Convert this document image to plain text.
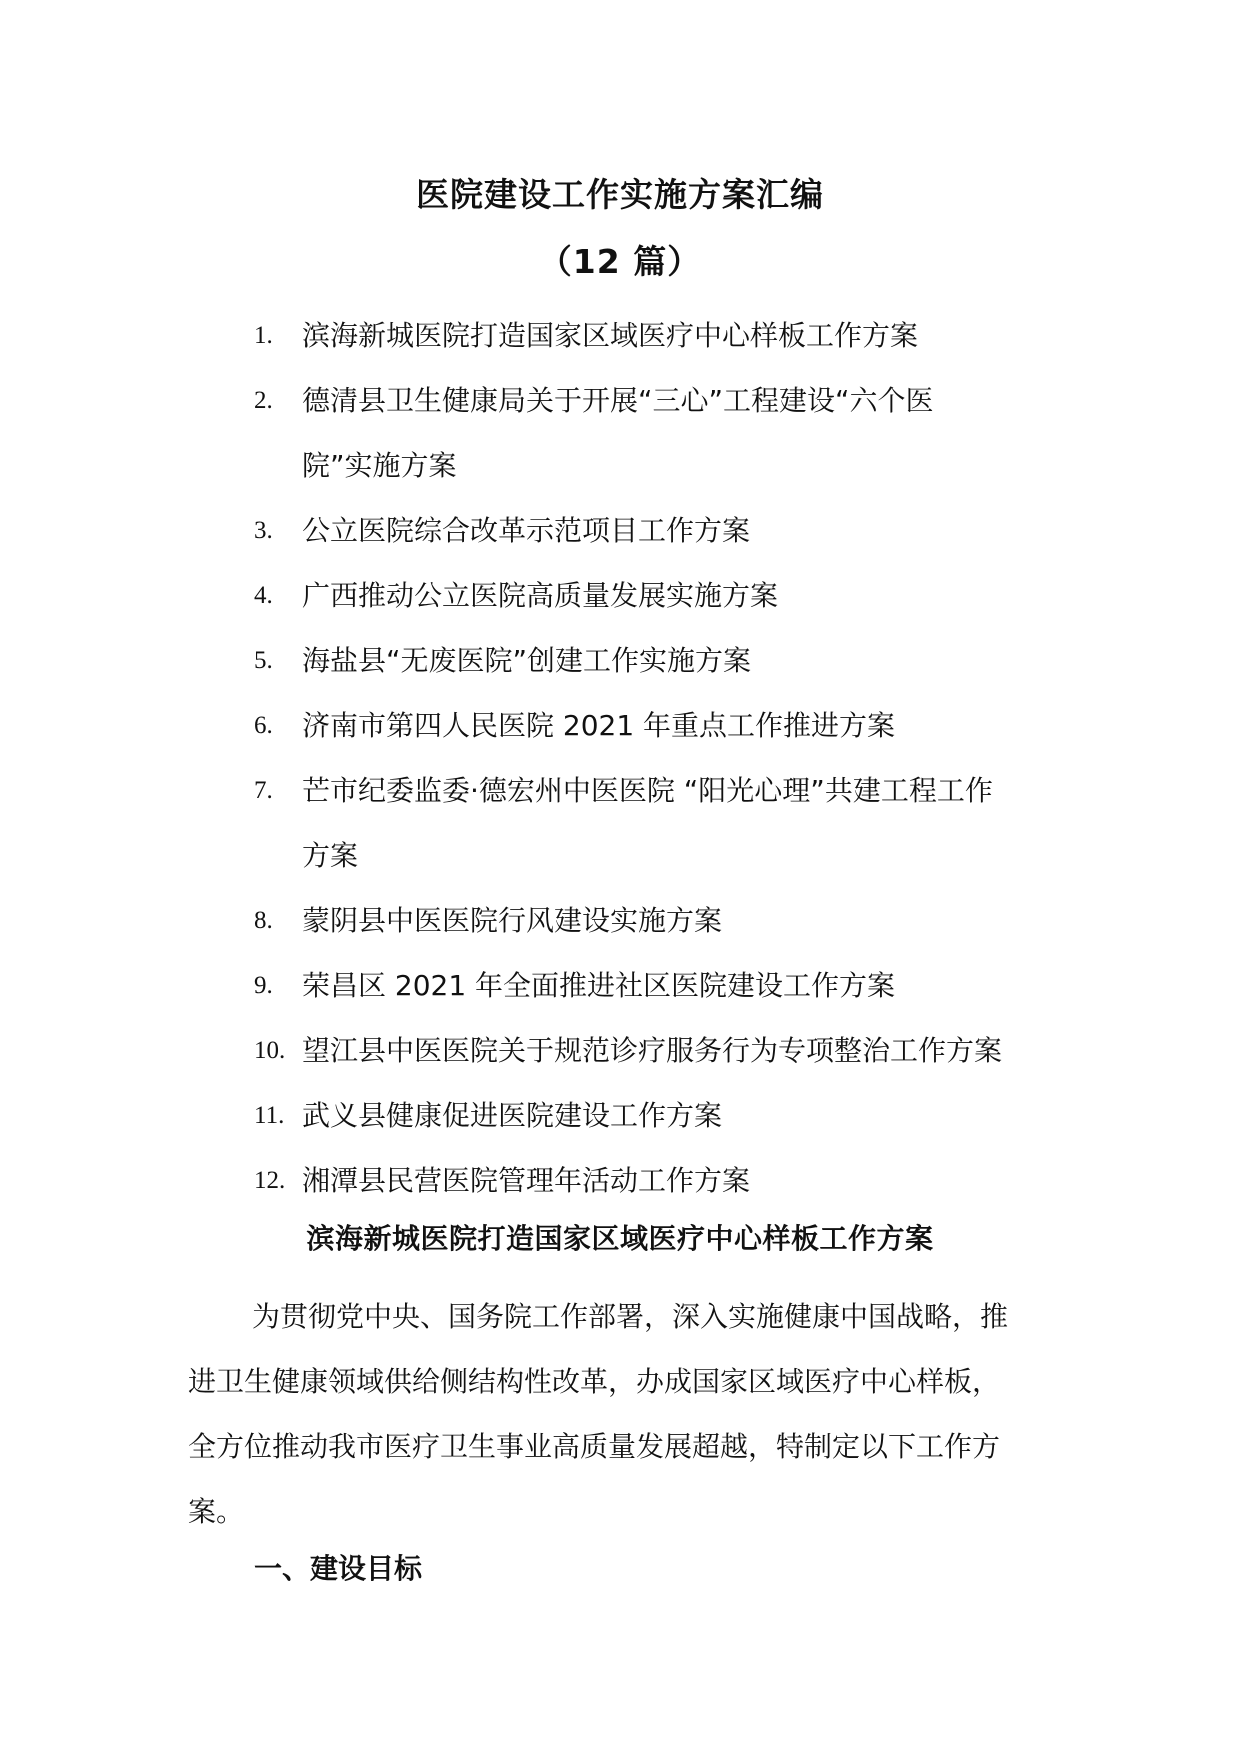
医院建设工作实施方案汇编
（12 篇）
1. 滨海新城医院打造国家区域医疗中心样板工作方案
2. 德清县卫生健康局关于开展“三心”工程建设“六个医
院”实施方案
3. 公立医院综合改革示范项目工作方案
4. 广西推动公立医院高质量发展实施方案
5. 海盐县“无废医院”创建工作实施方案
6. 济南市第四人民医院 2021 年重点工作推进方案
7. 芒市纪委监委·德宏州中医医院 “阳光心理”共建工程工作
方案
8. 蒙阴县中医医院行风建设实施方案
9. 荣昌区 2021 年全面推进社区医院建设工作方案
10. 望江县中医医院关于规范诊疗服务行为专项整治工作方案
11. 武义县健康促进医院建设工作方案
12. 湘潭县民营医院管理年活动工作方案
滨海新城医院打造国家区域医疗中心样板工作方案
为贯彻党中央、国务院工作部署，深入实施健康中国战略，推
进卫生健康领域供给侧结构性改革，办成国家区域医疗中心样板，
全方位推动我市医疗卫生事业高质量发展超越，特制定以下工作方
案。
一、建设目标
